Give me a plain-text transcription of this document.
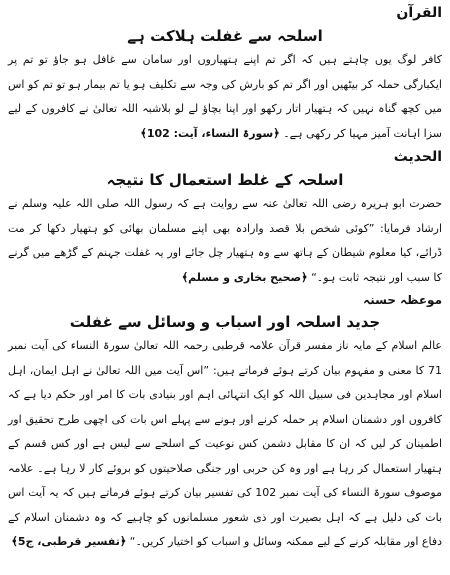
القرآن

اسلحہ سے غفلت ہلاکت ہے

کافر لوگ یوں چاہتے ہیں کہ اگر تم اپنے ہتھیاروں اور سامان سے غافل ہو جاؤ تو تم پر ایکبارگی حملہ کر بیٹھیں اور اگر تم کو بارش کی وجہ سے تکلیف ہو یا تم بیمار ہو تو تم کو اس میں کچھ گناہ نہیں کہ ہتھیار اتار رکھو اور اپنا بچاؤ لے لو بلاشبہ اللہ تعالیٰ نے کافروں کے لیے سزا اہانت آمیز مہیا کر رکھی ہے۔ ﴿سورۃ النساء، آیت: 102﴾

الحدیث

اسلحہ کے غلط استعمال کا نتیجہ

حضرت ابو ہریرہ رضی اللہ تعالیٰ عنہ سے روایت ہے کہ رسول اللہ صلی اللہ علیہ وسلم نے ارشاد فرمایا: ”کوئی شخص بلا قصد وارادہ بھی اپنے مسلمان بھائی کو ہتھیار دکھا کر مت ڈرائے، کیا معلوم شیطان کے ہاتھ سے وہ ہتھیار چل جائے اور یہ غفلت جہنم کے گڑھے میں گرنے کا سبب اور نتیجہ ثابت ہو۔“ ﴿صحیح بخاری و مسلم﴾

موعظہ حسنہ

جدید اسلحہ اور اسباب و وسائل سے غفلت

عالم اسلام کے مایہ ناز مفسر قرآن علامہ قرطبی رحمہ اللہ تعالیٰ سورۃ النساء کی آیت نمبر 71 کا معنی و مفہوم بیان کرتے ہوئے فرماتے ہیں: ”اس آیت میں اللہ تعالیٰ نے اہل ایمان، اہل اسلام اور مجاہدین فی سبیل اللہ کو ایک انتہائی اہم اور بنیادی بات کا امر اور حکم دیا ہے کہ کافروں اور دشمنان اسلام پر حملہ کرنے اور ہونے سے پہلے اس بات کی اچھی طرح تحقیق اور اطمینان کر لیں کہ ان کا مقابل دشمن کس نوعیت کے اسلحے سے لیس ہے اور کس قسم کے ہتھیار استعمال کر رہا ہے اور وہ کن حربی اور جنگی صلاحیتوں کو بروئے کار لا رہا ہے۔ علامہ موصوف سورۃ النساء کی آیت نمبر 102 کی تفسیر بیان کرتے ہوئے فرماتے ہیں کہ یہ آیت اس بات کی دلیل ہے کہ اہل بصیرت اور ذی شعور مسلمانوں کو چاہیے کہ وہ دشمنان اسلام کے دفاع اور مقابلہ کرنے کے لیے ممکنہ وسائل و اسباب کو اختیار کریں۔“ ﴿تفسیر قرطبی، ج5﴾
